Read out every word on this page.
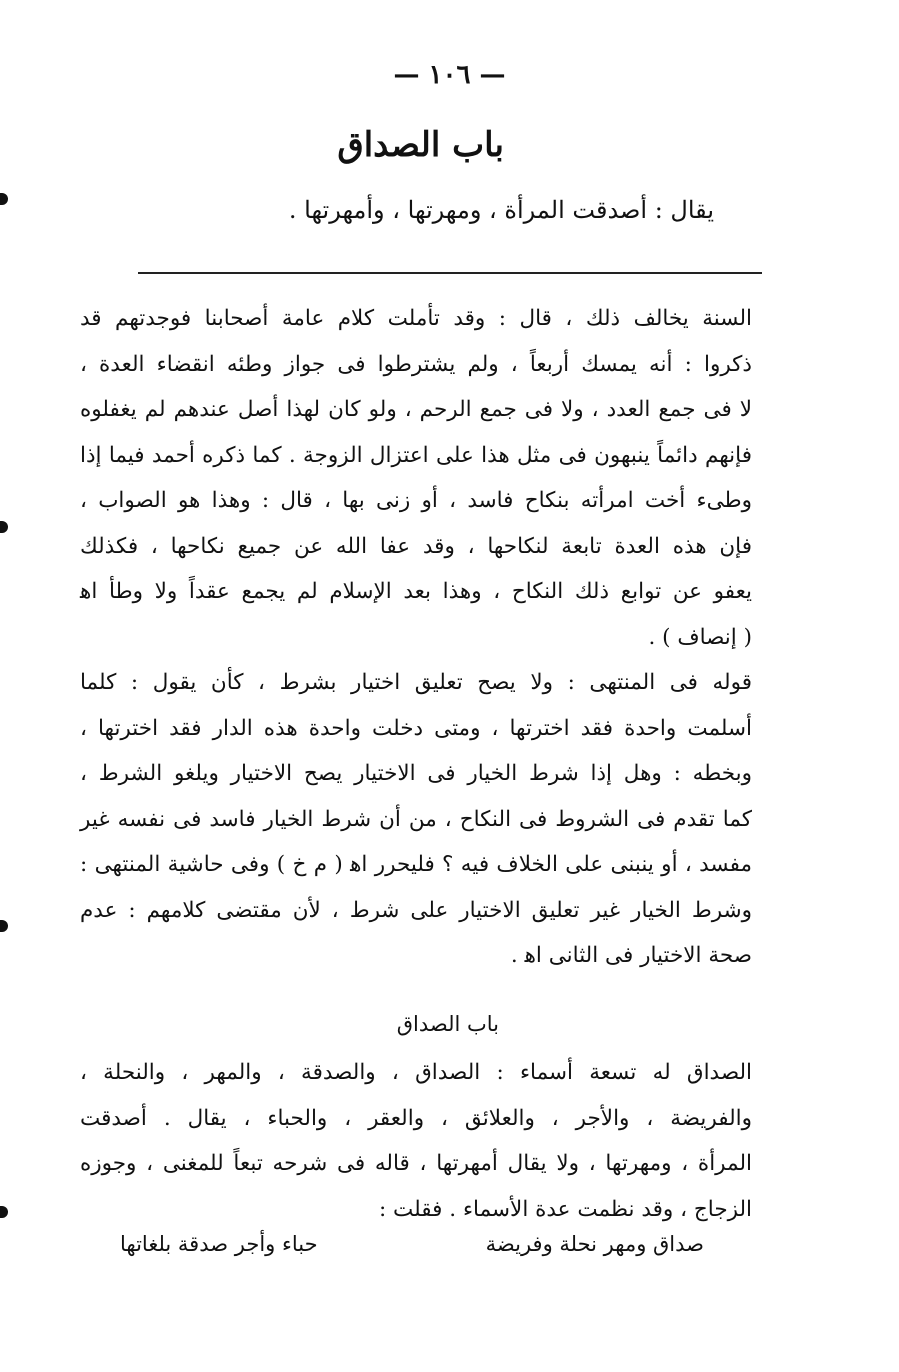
— ١٠٦ —
باب الصداق
يقال : أصدقت المرأة ، ومهرتها ، وأمهرتها .
السنة يخالف ذلك ، قال : وقد تأملت كلام عامة أصحابنا فوجدتهم قد
ذكروا : أنه يمسك أربعاً ، ولم يشترطوا فى جواز وطئه انقضاء العدة ،
لا فى جمع العدد ، ولا فى جمع الرحم ، ولو كان لهذا أصل عندهم لم يغفلوه
فإنهم دائماً ينبهون فى مثل هذا على اعتزال الزوجة . كما ذكره أحمد فيما إذا
وطىء أخت امرأته بنكاح فاسد ، أو زنى بها ، قال : وهذا هو الصواب ،
فإن هذه العدة تابعة لنكاحها ، وقد عفا الله عن جميع نكاحها ، فكذلك
يعفو عن توابع ذلك النكاح ، وهذا بعد الإسلام لم يجمع عقداً ولا وطأ اﻫ
( إنصاف ) .
قوله فى المنتهى : ولا يصح تعليق اختيار بشرط ، كأن يقول : كلما
أسلمت واحدة فقد اخترتها ، ومتى دخلت واحدة هذه الدار فقد اخترتها ،
وبخطه : وهل إذا شرط الخيار فى الاختيار يصح الاختيار ويلغو الشرط ،
كما تقدم فى الشروط فى النكاح ، من أن شرط الخيار فاسد فى نفسه غير
مفسد ، أو ينبنى على الخلاف فيه ؟ فليحرر اﻫ ( م خ ) وفى حاشية المنتهى :
وشرط الخيار غير تعليق الاختيار على شرط ، لأن مقتضى كلامهم : عدم
صحة الاختيار فى الثانى اﻫ .
باب الصداق
الصداق له تسعة أسماء : الصداق ، والصدقة ، والمهر ، والنحلة ،
والفريضة ، والأجر ، والعلائق ، والعقر ، والحباء ، يقال . أصدقت
المرأة ، ومهرتها ، ولا يقال أمهرتها ، قاله فى شرحه تبعاً للمغنى ، وجوزه
الزجاج ، وقد نظمت عدة الأسماء . فقلت :
صداق ومهر نحلة وفريضة
حباء وأجر صدقة بلغاتها
